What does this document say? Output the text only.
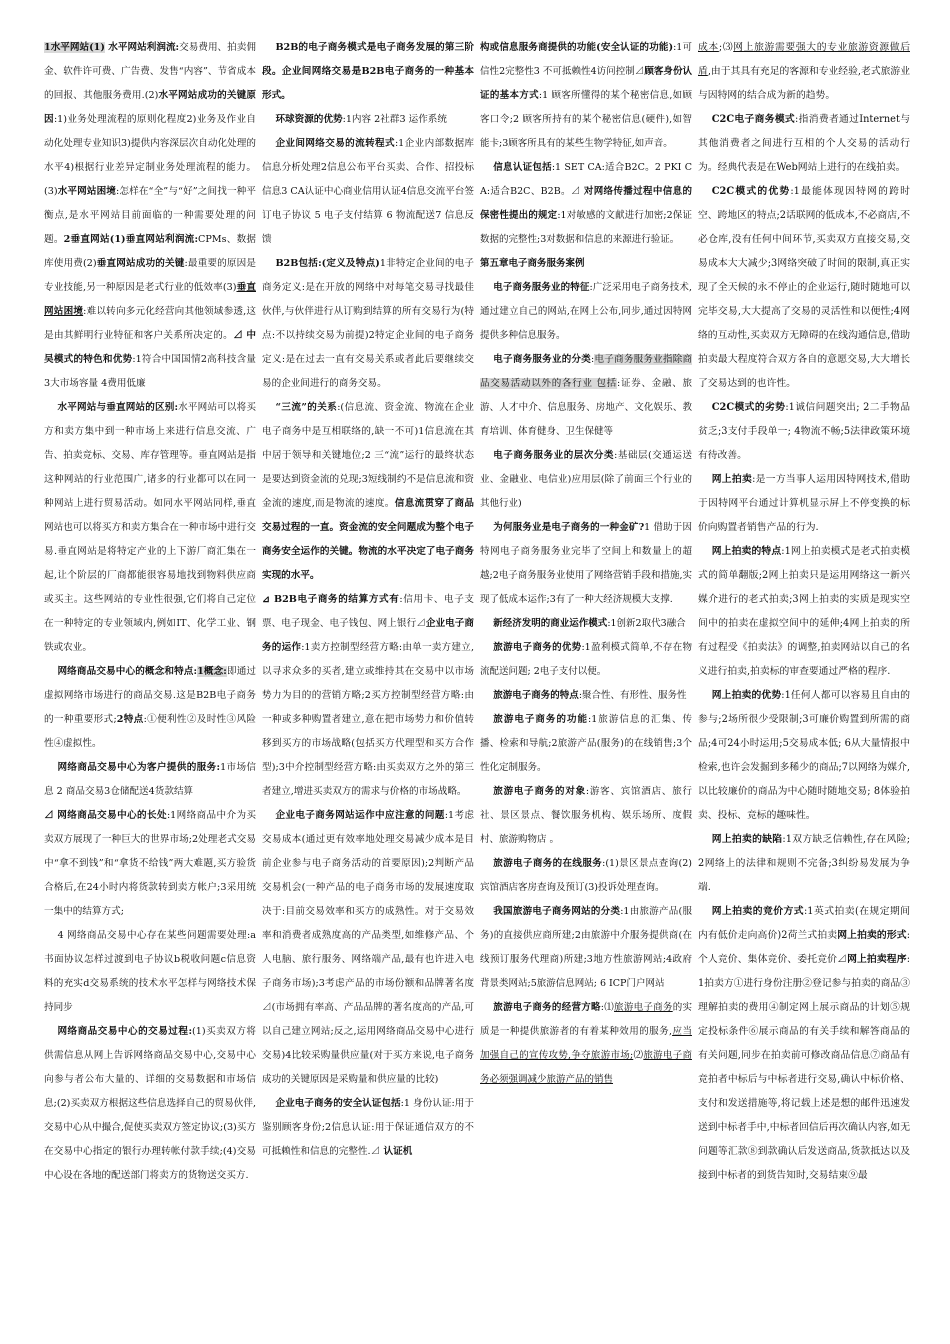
1水平网站(1) 水平网站利润流:交易费用、拍卖佣金、软件许可费、广告费、发售“内容”、节省成本的回报、其他服务费用.(2)水平网站成功的关键原因:1)业务处理流程的原则化程度2)业务及作业自动化处理专业知识3)提供内容深层次自动化处理的水平4)根据行业差异定制业务处理流程的能力。(3)水平网站困境:怎样在“全”与“好”之间找一种平衡点,是水平网站目前面临的一种需要处理的问题。2垂直网站(1)垂直网站利润流:CPMs、数据库使用费(2)垂直网站成功的关键:最重要的原因是专业技能,另一种原因是老式行业的低效率(3)垂直网站困境:难以转向多元化经营向其他领域参透,这是由其鲜明行业特征和客户关系所决定的。⊿ 中吴模式的特色和优势:1符合中国国情2高科技含量 3大市场容量 4费用低廉

水平网站与垂直网站的区别:水平网站可以将买方和卖方集中到一种市场上来进行信息交流、广告、拍卖竞标、交易、库存管理等。垂直网站是指这种网站的行业范围广,诸多的行业都可以在同一种网站上进行贸易活动。如同水平网站同样,垂直网站也可以将买方和卖方集合在一种市场中进行交易.垂直网站是将特定产业的上下游厂商汇集在一起,让个阶层的厂商都能很容易地找到物料供应商或买主。这些网站的专业性很强,它们将自己定位在一种特定的专业领域内,例如IT、化学工业、钢铁或农业。

网络商品交易中心的概念和特点:1概念:即通过虚拟网络市场进行的商品交易.这是B2B电子商务的一种重要形式;2特点:①便利性②及时性③风险性④虚拟性。

网络商品交易中心为客户提供的服务:1市场信息 2 商品交易3仓储配送4货款结算

⊿ 网络商品交易中心的长处:1网络商品中介为买卖双方展现了一种巨大的世界市场;2处理老式交易中“拿不到钱”和“拿货不给钱”两大难题,买方验货合格后,在24小时内将货款转到卖方帐户;3采用统一集中的结算方式;

4 网络商品交易中心存在某些问题需要处理:a书面协议怎样过渡到电子协议b税收问题c信息资料的充实d交易系统的技术水平怎样与网络技术保持同步

网络商品交易中心的交易过程:(1)买卖双方将供需信息从网上告诉网络商品交易中心,交易中心向参与者公布大量的、详细的交易数据和市场信息;(2)买卖双方根据这些信息选择自己的贸易伙伴,交易中心从中撮合,促使买卖双方签定协议;(3)买方在交易中心指定的银行办理转帐付款手续;(4)交易中心设在各地的配送部门将卖方的货物送交买方.

B2B的电子商务模式是电子商务发展的第三阶段。企业间网络交易是B2B电子商务的一种基本形式。

环球资源的优势:1内容 2社群3 运作系统

企业间网络交易的流转程式:1企业内部数据库信息分析处理2信息公布平台买卖、合作、招投标信息3 CA认证中心商业信用认证4信息交流平台签订电子协议 5 电子支付结算 6 物流配送7 信息反馈

B2B包括:(定义及特点)1非特定企业间的电子商务定义:是在开放的网络中对每笔交易寻找最佳伙伴,与伙伴进行从订购到结算的所有交易行为(特点:不以持续交易为前提)2特定企业间的电子商务定义:是在过去一直有交易关系或者此后要继续交易的企业间进行的商务交易。

“三流”的关系:(信息流、资金流、物流在企业电子商务中是互相联络的,缺一不可)1信息流在其中居于领导和关键地位;2 三“流”运行的最终状态是要达到资金流的兑现;3短线制约不是信息流和资金流的速度,而是物流的速度。信息流贯穿了商品交易过程的一直。资金流的安全问题成为整个电子商务安全运作的关键。物流的水平决定了电子商务实现的水平。

⊿ B2B电子商务的结算方式有:信用卡、电子支票、电子现金、电子钱包、网上银行⊿企业电子商务的运作:1卖方控制型经营方略:由单一卖方建立,以寻求众多的买者,建立或维持其在交易中以市场势力为目的的营销方略;2买方控制型经营方略:由一种或多种购置者建立,意在把市场势力和价值转移到买方的市场战略(包括买方代理型和买方合作型);3中介控制型经营方略:由买卖双方之外的第三者建立,增进买卖双方的需求与价格的市场战略。

企业电子商务网站运作中应注意的问题:1考虑交易成本(通过更有效率地处理交易减少成本是目前企业参与电子商务活动的首要原因);2判断产品交易机会(一种产品的电子商务市场的发展速度取决于:目前交易效率和买方的成熟性。对于交易效率和消费者成熟度高的产品类型,如维修产品、个人电脑、旅行服务、网络端产品,最有也许进入电子商务市场);3考虑产品的市场份额和品牌著名度⊿(市场拥有率高、产品品牌的著名度高的产品,可以自己建立网站;反之,运用网络商品交易中心进行交易)4比较采购量供应量(对于买方来说,电子商务成功的关键原因是采购量和供应量的比较)

企业电子商务的安全认证包括:1 身份认证:用于鉴别顾客身份;2信息认证:用于保证通信双方的不可抵赖性和信息的完整性.⊿ 认证机

构或信息服务商提供的功能(安全认证的功能):1可信性2完整性3 不可抵赖性4访问控制⊿顾客身份认证的基本方式:1 顾客所懂得的某个秘密信息,如顾客口令;2 顾客所持有的某个秘密信息(硬件),如智能卡;3顾客所具有的某些生物学特征,如声音。

信息认证包括:1 SET CA:适合B2C。2 PKI CA:适合B2C、B2B。⊿ 对网络传播过程中信息的保密性提出的规定:1对敏感的文献进行加密;2保证数据的完整性;3对数据和信息的来源进行验证。

第五章电子商务服务案例

电子商务服务业的特征:广泛采用电子商务技术,通过建立自己的网站,在网上公布,同步,通过因特网提供多种信息服务。

电子商务服务业的分类:电子商务服务业指除商品交易活动以外的各行业 包括:证券、金融、旅游、人才中介、信息服务、房地产、文化娱乐、教育培训、体育健身、卫生保健等

电子商务服务业的层次分类:基础层(交通运送业、金融业、电信业)应用层(除了前面三个行业的其他行业)

为何服务业是电子商务的一种金矿?1 借助于因特网电子商务服务业完毕了空间上和数量上的超越;2电子商务服务业使用了网络营销手段和措施,实现了低成本运作;3有了一种大经济规模大支撑.

新经济发明的商业运作模式:1创新2取代3融合

旅游电子商务的优势:1盈利模式简单,不存在物流配送问题; 2电子支付以便。

旅游电子商务的特点:聚合性、有形性、服务性

旅游电子商务的功能:1旅游信息的汇集、传播、检索和导航;2旅游产品(服务)的在线销售;3个性化定制服务。

旅游电子商务的对象:游客、宾馆酒店、旅行社、景区景点、餐饮服务机构、娱乐场所、度假村、旅游购物店 。

旅游电子商务的在线服务:(1)景区景点查询(2)宾馆酒店客房查询及预订(3)投诉处理查询。

我国旅游电子商务网站的分类:1由旅游产品(服务)的直接供应商所建;2由旅游中介服务提供商(在线预订服务代理商)所建;3地方性旅游网站;4政府背景类网站;5旅游信息网站; 6 ICP门户网站

旅游电子商务的经营方略:⑴旅游电子商务的实质是一种提供旅游者的有着某种效用的服务,应当加强自己的宣传攻势,争夺旅游市场;⑵旅游电子商务必须强调减少旅游产品的销售

成本;⑶网上旅游需要强大的专业旅游资源做后盾,由于其具有充足的客源和专业经验,老式旅游业与因特网的结合成为新的趋势。

C2C电子商务模式:指消费者通过Internet与其他消费者之间进行互相的个人交易的活动行为。经典代表是在Web网站上进行的在线拍卖。

C2C模式的优势:1最能体现因特网的跨时空、跨地区的特点;2话联网的低成本,不必商店,不必仓库,没有任何中间环节,买卖双方直接交易,交易成本大大减少;3网络突破了时间的限制,真正实现了全天候的永不停止的企业运行,随时随地可以完毕交易,大大提高了交易的灵活性和以便性;4网络的互动性,买卖双方无障碍的在线沟通信息,借助拍卖最大程度符合双方各自的意愿交易,大大增长了交易达到的也许性。

C2C模式的劣势:1诚信问题突出; 2二手物品贫乏;3支付手段单一; 4物流不畅;5法律政策环境有待改善。

网上拍卖:是一方当事人运用因特网技术,借助于因特网平台通过计算机显示屏上不停变换的标价向购置者销售产品的行为.

网上拍卖的特点:1网上拍卖模式是老式拍卖模式的简单翻版;2网上拍卖只是运用网络这一新兴媒介进行的老式拍卖;3网上拍卖的实质是现实空间中的拍卖在虚拟空间中的延伸;4网上拍卖的所有过程受《拍卖法》的调整,拍卖网站以自己的名义进行拍卖,拍卖标的审查要通过严格的程序.

网上拍卖的优势:1任何人都可以容易且自由的参与;2场所很少受限制;3可廉价购置到所需的商品;4可24小时运用;5交易成本低; 6从大量情报中检索,也许会发掘到多稀少的商品;7以网络为媒介,以比较廉价的商品为中心随时随地交易; 8体验拍卖、投标、竞标的趣味性。

网上拍卖的缺陷:1双方缺乏信赖性,存在风险; 2网络上的法律和规则不完备;3纠纷易发展为争端.

网上拍卖的竞价方式:1英式拍卖(在规定期间内有低价走向高价)2荷兰式拍卖网上拍卖的形式:个人竞价、集体竞价、委托竞价⊿网上拍卖程序:1拍卖方①进行身份注册②登记参与拍卖的商品③理解拍卖的费用④制定网上展示商品的计划⑤规定投标条件⑥展示商品的有关手续和解答商品的有关问题,同步在拍卖前可修改商品信息⑦商品有竞拍者中标后与中标者进行交易,确认中标价格、支付和发送措施等,将记载上述是想的邮件迅速发送到中标者手中,中标者回信后再次确认内容,如无问题等汇款⑧到款确认后发送商品,货款抵达以及接到中标者的到货告知时,交易结束⑨最
